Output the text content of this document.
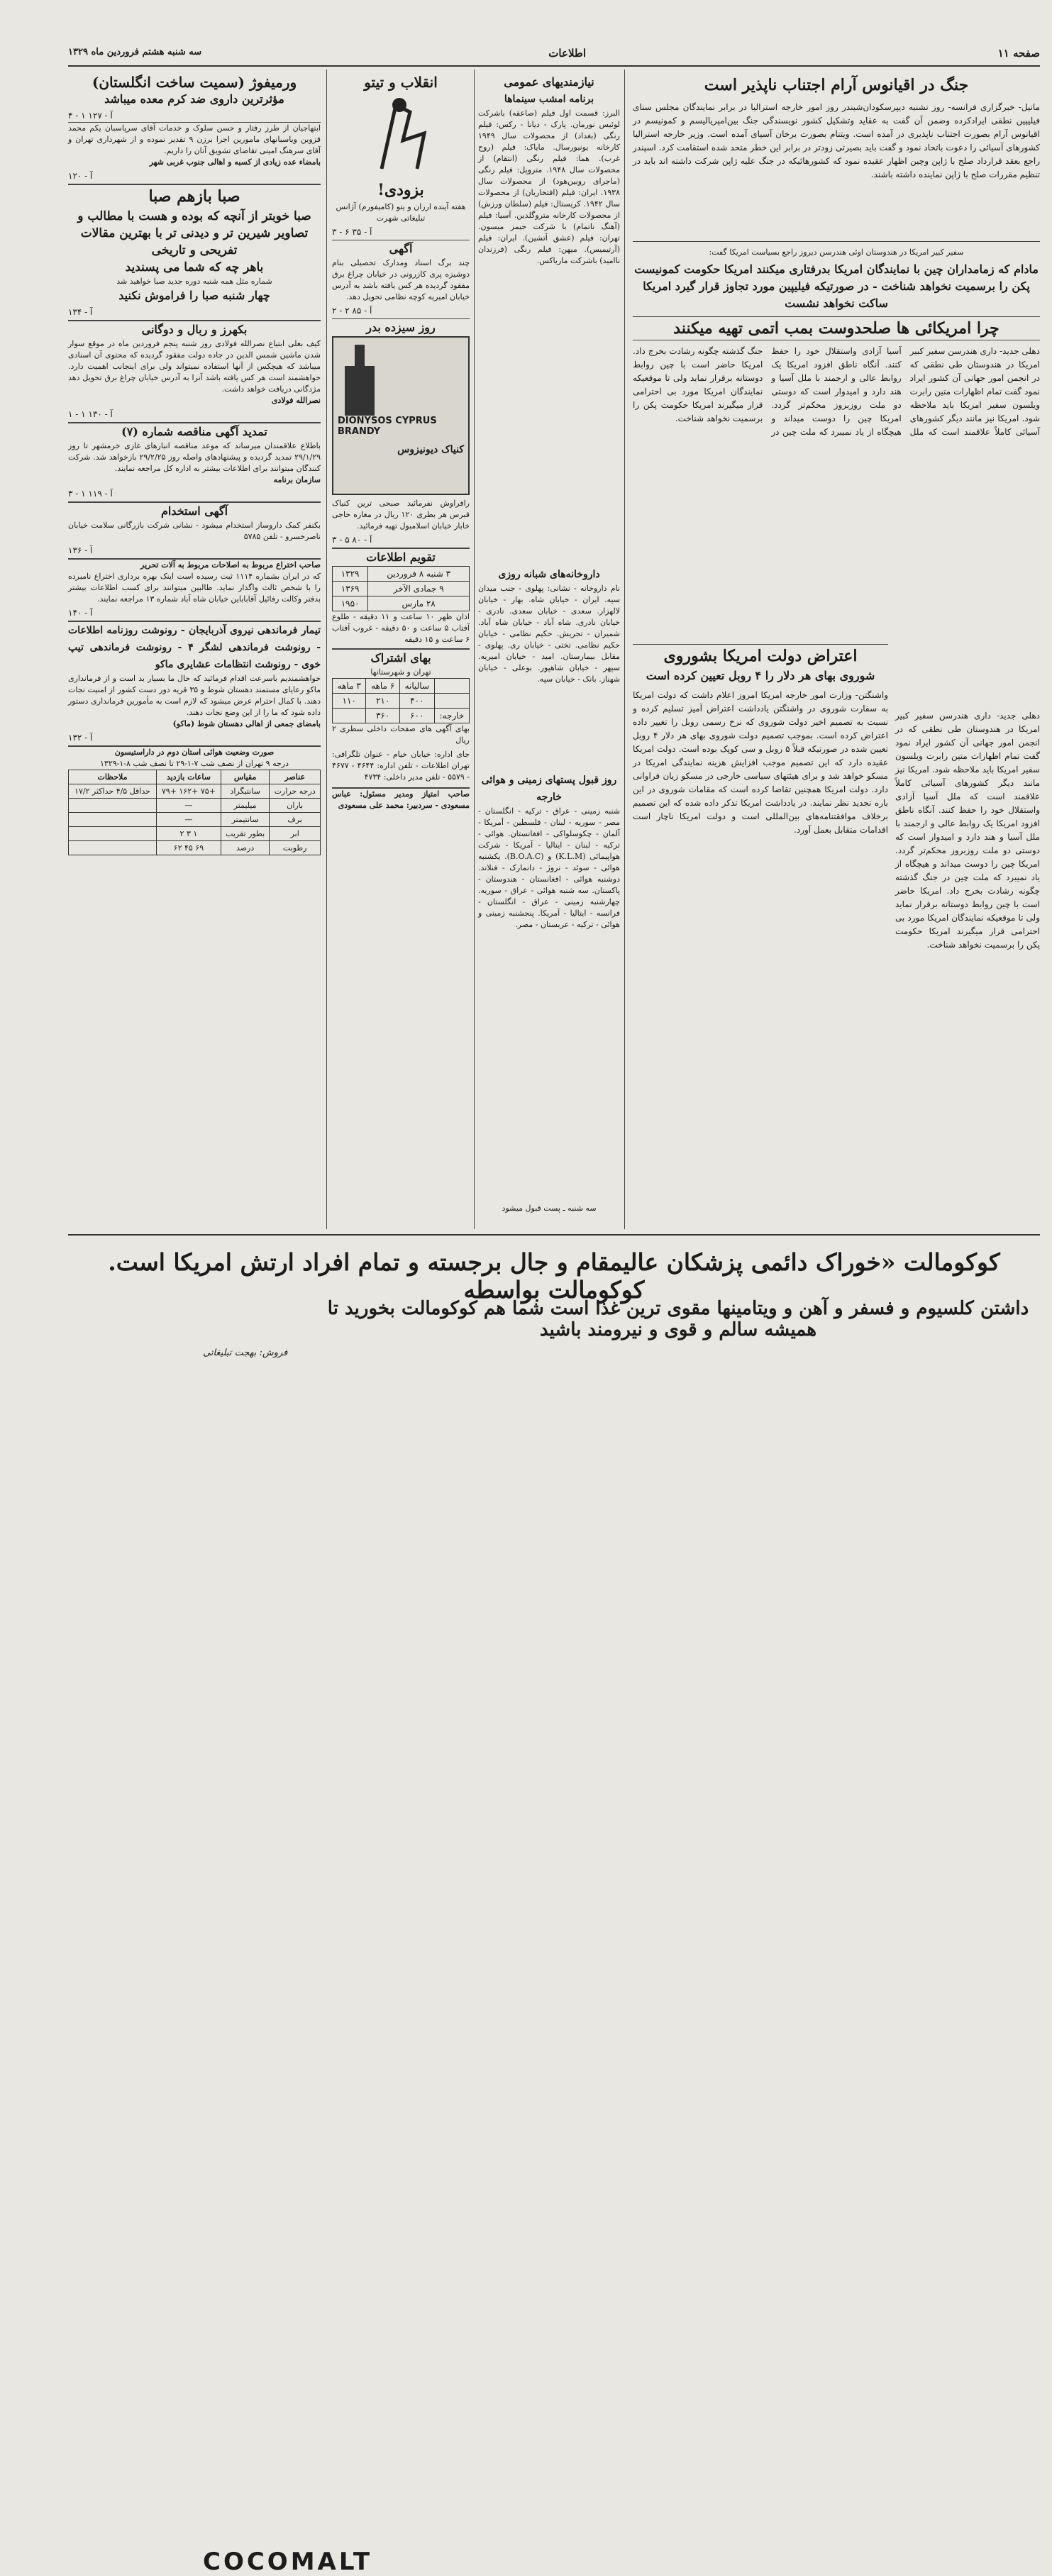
صفحه ۱۱
اطلاعات
سه شنبه هشتم فروردین ماه ۱۳۲۹
جنگ در اقیانوس آرام اجتناب ناپذیر است
مانیل- خبرگزاری فرانسه- روز نشنبه دیپرسکودان‌شیندر روز امور خارجه استرالیا در برابر نمایندگان مجلس سنای فیلیپین نطقی ایرادکرده وضمن آن گفت به عقاید وتشکیل کشور نویسندگی جنگ بین‌امپریالیسم و کمونیسم در اقیانوس آرام بصورت اجتناب ناپذیری در آمده است. ویتنام بصورت برخان آسیای آمده است. وزیر خارجه استرالیا کشورهای آسیائی را دعوت باتحاد نمود و گفت باید بصیرتی زودتر در برابر این خطر متحد شده استقامت کرد. اسپندر راجع بعقد قرارداد صلح با ژاپن وچین اظهار عقیده نمود که کشورهائیکه در جنگ علیه ژاپن شرکت داشته اند باید در تنظیم مقررات صلح با ژاپن نماینده داشته باشند.
سفیر کبیر امریکا در هندوستان اوئی هندرسن دیروز راجع بسیاست امریکا گفت:
مادام که زمامداران چین با نمایندگان امریکا بدرفتاری میکنند امریکا حکومت کمونیست پکن را برسمیت نخواهد شناخت - در صورتیکه فیلیپین مورد تجاوز قرار گیرد امریکا ساکت نخواهد نشست
چرا امریکائی ها صلحدوست بمب اتمی تهیه میکنند
دهلی جدید- داری هندرسن سفیر کبیر امریکا در هندوستان طی نطقی که در انجمن امور جهانی آن کشور ایراد نمود گفت تمام اظهارات متین رابرت ویلسون سفیر امریکا باید ملاحظه شود. امریکا نیز مانند دیگر کشورهای آسیائی کاملاً علاقمند است که ملل آسیا آزادی واستقلال خود را حفظ کنند. آنگاه ناطق افزود امریکا یک روابط عالی و ارجمند با ملل آسیا و هند دارد و امیدوار است که دوستی دو ملت روزبروز محکم‌تر گردد. امریکا چین را دوست میداند و هیچگاه از یاد نمیبرد که ملت چین در جنگ گذشته چگونه رشادت بخرج داد. امریکا حاضر است با چین روابط دوستانه برقرار نماید ولی تا موقعیکه نمایندگان امریکا مورد بی احترامی قرار میگیرند امریکا حکومت پکن را برسمیت نخواهد شناخت.
اعتراض دولت امریکا بشوروی
شوروی بهای هر دلار را ۴ روبل تعیین کرده است
واشنگتن- وزارت امور خارجه امریکا امروز اعلام داشت که دولت امریکا به سفارت شوروی در واشنگتن یادداشت اعتراض آمیز تسلیم کرده و نسبت به تصمیم اخیر دولت شوروی که نرخ رسمی روبل را تغییر داده اعتراض کرده است. بموجب تصمیم دولت شوروی بهای هر دلار ۴ روبل تعیین شده در صورتیکه قبلاً ۵ روبل و سی کوپک بوده است. دولت امریکا عقیده دارد که این تصمیم موجب افزایش هزینه نمایندگی امریکا در مسکو خواهد شد و برای هیئتهای سیاسی خارجی در مسکو زیان فراوانی دارد. دولت امریکا همچنین تقاضا کرده است که مقامات شوروی در این باره تجدید نظر نمایند. در یادداشت امریکا تذکر داده شده که این تصمیم برخلاف موافقتنامه‌های بین‌المللی است و دولت امریکا ناچار است اقدامات متقابل بعمل آورد.
دهلی جدید- داری هندرسن سفیر کبیر امریکا در هندوستان طی نطقی که در انجمن امور جهانی آن کشور ایراد نمود گفت تمام اظهارات متین رابرت ویلسون سفیر امریکا باید ملاحظه شود. امریکا نیز مانند دیگر کشورهای آسیائی کاملاً علاقمند است که ملل آسیا آزادی واستقلال خود را حفظ کنند. آنگاه ناطق افزود امریکا یک روابط عالی و ارجمند با ملل آسیا و هند دارد و امیدوار است که دوستی دو ملت روزبروز محکم‌تر گردد. امریکا چین را دوست میداند و هیچگاه از یاد نمیبرد که ملت چین در جنگ گذشته چگونه رشادت بخرج داد. امریکا حاضر است با چین روابط دوستانه برقرار نماید ولی تا موقعیکه نمایندگان امریکا مورد بی احترامی قرار میگیرند امریکا حکومت پکن را برسمیت نخواهد شناخت.
نیازمندیهای عمومی
برنامه امشب سینماها
البرز: قسمت اول فیلم (صاعقه) باشرکت لوئیس نورمان. پارک - دیانا - رکس: فیلم رنگی (بغداد) از محصولات سال ۱۹۴۹ کارخانه یونیورسال. مایاک: فیلم (روح غرب). هما: فیلم رنگی (انتقام) از محصولات سال ۱۹۴۸. متروپل: فیلم رنگی (ماجرای روبین‌هود) از محصولات سال ۱۹۳۸. ایران: فیلم (افتخاریان) از محصولات سال ۱۹۴۲. کریستال: فیلم (سلطان ورزش) از محصولات کارخانه متروگلدین. آسیا: فیلم (آهنگ ناتمام) با شرکت جیمز میسون. تهران: فیلم (عشق آتشین). ایران: فیلم (آرتیمیس). میهن: فیلم رنگی (فرزندان ناامید) باشرکت ماریاکس.
داروخانه‌های شبانه روزی
نام داروخانه - نشانی: پهلوی - جنب میدان سپه. ایران - خیابان شاه. بهار - خیابان لالهزار. سعدی - خیابان سعدی. نادری - خیابان نادری. شاه آباد - خیابان شاه آباد. شمیران - تجریش. حکیم نظامی - خیابان حکیم نظامی. تختی - خیابان ری. پهلوی - مقابل بیمارستان. امید - خیابان امیریه. سپهر - خیابان شاهپور. بوعلی - خیابان شهناز. بانک - خیابان سپه.
روز قبول پستهای زمینی و هوائی خارجه
شنبه زمینی - عراق - ترکیه - انگلستان - مصر - سوریه - لبنان - فلسطین - آمریکا - آلمان - چکوسلواکی - افغانستان. هوائی - ترکیه - لبنان - ایتالیا - آمریکا - شرکت هواپیمائی (K.L.M) و (B.O.A.C). یکشنبه هوائی - سوئد - نروژ - دانمارک - فنلاند. دوشنبه هوائی - افغانستان - هندوستان - پاکستان. سه شنبه هوائی - عراق - سوریه. چهارشنبه زمینی - عراق - انگلستان - فرانسه - ایتالیا - آمریکا. پنجشنبه زمینی و هوائی - ترکیه - عربستان - مصر.
سه شنبه ـ پست قبول میشود
انقلاب و تیتو
بزودی!
هفته آینده ارزان و یتو (کامیفورم) آژانس تبلیغاتی شهرت
آ - ۳۵ ۶ - ۳
آگهی
چند برگ اسناد ومدارک تحصیلی بنام دوشیزه پری کازرونی در خیابان چراغ برق مفقود گردیده هر کس یافته باشد به آدرس خیابان امیریه کوچه نظامی تحویل دهد.
آ - ۸۵ ۲ - ۲
روز سیزده بدر
DIONYSOS CYPRUS BRANDY
کنیاک دیونیزوس
رافراوش نفرمائید صبحی ترین کنیاک قبرس هر بطری ۱۲۰ ریال در مغازه حاجی خابار خیابان اسلامبول تهیه فرمائید.
آ - ۸۰ ۵ - ۳
تقویم اطلاعات
۳ شنبه ۸ فروردین	۱۳۲۹
۹ جمادی الآخر	۱۳۶۹
۲۸ مارس	۱۹۵۰
اذان ظهر ۱۰ ساعت و ۱۱ دقیقه - طلوع آفتاب ۵ ساعت و ۵۰ دقیقه - غروب آفتاب ۶ ساعت و ۱۵ دقیقه
بهای اشتراک
تهران و شهرستانها
	سالیانه	۶ ماهه	۳ ماهه
	۴۰۰	۲۱۰	۱۱۰
خارجه:	۶۰۰	۳۶۰	
بهای آگهی های صفحات داخلی سطری ۲ ریال
جای اداره: خیابان خیام - عنوان تلگرافی: تهران اطلاعات - تلفن اداره: ۴۶۴۴ - ۴۶۷۷ - ۵۵۷۹ - تلفن مدیر داخلی: ۴۷۳۴
صاحب امتیاز ومدیر مسئول: عباس مسعودی - سردبیر: محمد علی مسعودی
ورمیفوژ (سمیت ساخت انگلستان)
مؤثرترین داروی ضد کرم معده میباشد
آ - ۱۲۷ ۱ - ۴
ابتهاجیان از طرز رفتار و حسن سلوک و خدمات آقای سرپاسبان یکم محمد قزوین ویاسبانهای مامورین اجرا برزن ۹ تقدیر نموده و از شهرداری تهران و آقای سرهنگ امینی تقاضای تشویق آنان را داریم.
بامضاء عده زیادی از کسبه و اهالی جنوب غربی شهر
آ - ۱۲۰
صبا بازهم صبا
صبا خوبتر از آنچه که بوده و هست با مطالب و تصاویر شیرین تر و دیدنی تر با بهترین مقالات تفریحی و تاریخی
باهر چه که شما می پسندید
شماره مثل همه شنبه دوره جدید صبا خواهید شد
چهار شنبه صبا را فراموش نکنید
آ - ۱۳۴
بکهرز و ربال و دوگانی
کیف بغلی ابتیاع نصرالله فولادی روز شنبه پنجم فروردین ماه در موقع سوار شدن ماشین شمس الدین در جاده دولت مفقود گردیده که محتوی آن اسنادی میباشد که هیچکس از آنها استفاده نمیتواند ولی برای اینجانب اهمیت دارد. خواهشمند است هر کس یافته باشد آنرا به آدرس خیابان چراغ برق تحویل دهد مژدگانی دریافت خواهد داشت.
نصرالله فولادی
آ - ۱۳۰ ۱ - ۱
تمدید آگهی مناقصه شماره (۷)
باطلاع علاقمندان میرساند که موعد مناقصه انبارهای غازی خرمشهر تا روز ۲۹/۱/۲۹ تمدید گردیده و پیشنهادهای واصله روز ۲۹/۲/۲۵ بازخواهد شد. شرکت کنندگان میتوانند برای اطلاعات بیشتر به اداره کل مراجعه نمایند.
سازمان برنامه
آ - ۱۱۹ ۱ - ۳
آگهی استخدام
بکنفر کمک داروساز استخدام میشود - نشانی شرکت بازرگانی سلامت خیابان ناصرخسرو - تلفن ۵۷۸۵
آ - ۱۳۶
صاحب اختراع مربوط به اصلاحات مربوط به آلات تحریر
که در ایران بشماره ۱۱۱۴ ثبت رسیده است اینک بهره برداری اختراع نامبرده را با شخص ثالث واگذار نماید. طالبین میتوانند برای کسب اطلاعات بیشتر بدفتر وکالت رفائیل آقاباباین خیابان شاه آباد شماره ۱۳ مراجعه نمایند.
آ - ۱۴۰
تیمار فرماندهی نیروی آذربایجان - رونوشت روزنامه اطلاعات - رونوشت فرماندهی لشگر ۴ - رونوشت فرماندهی تیپ خوی - رونوشت انتظامات عشایری ماکو
خواهشمندیم باسرعت اقدام فرمائید که حال ما بسیار بد است و از فرمانداری ماکو رعایای مستمند دهستان شوط و ۳۵ قریه دور دست کشور از امنیت نجات دهند. با کمال احترام عرض میشود که لازم است به مأمورین فرمانداری دستور داده شود که ما را از این وضع نجات دهند.
بامضای جمعی از اهالی دهستان شوط (ماکو)
آ - ۱۳۲
صورت وضعیت هوائی استان دوم در داراستیسون
درجه ۹ تهران از نصف شب ۷-۱-۲۹ تا نصف شب ۸-۱-۱۳۲۹
عناصر	مقیاس	ساعات بازدید	ملاحظات
درجه حرارت	سانتیگراد	+۷۵ +۱۶۲ +۷۹	حداقل ۴/۵ حداکثر ۱۷/۲
باران	میلیمتر	—	
برف	سانتیمتر	—	
ابر	بطور تقریب	۱ ۳ ۲	
رطوبت	درصد	۶۹ ۴۵ ۶۲	
کوکومالت «خوراک دائمی پزشکان عالیمقام و جال برجسته و تمام افراد ارتش امریکا است. کوکومالت بواسطه
داشتن کلسیوم و فسفر و آهن و ویتامینها مقوی ترین غذا است شما هم کوکومالت بخورید تا همیشه سالم و قوی و نیرومند باشید
COCOMALT
فروش: بهجت تبلیغاتی
